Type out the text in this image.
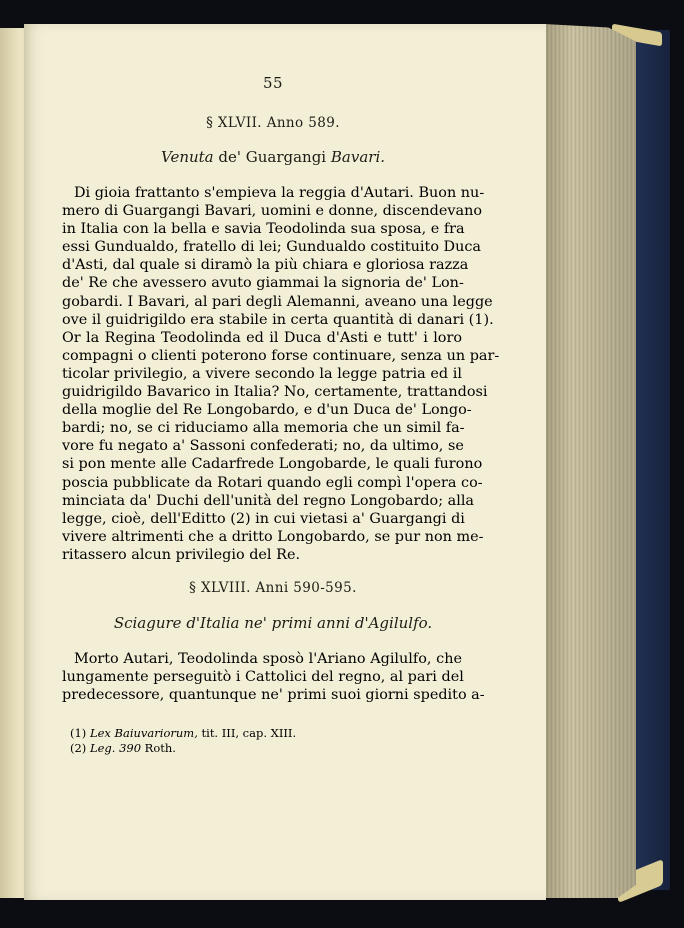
55
§ XLVII. Anno 589.
Venuta de' Guargangi Bavari.
Di gioia frattanto s'empieva la reggia d'Autari. Buon nu-
mero di Guargangi Bavari, uomini e donne, discendevano
in Italia con la bella e savia Teodolinda sua sposa, e fra
essi Gundualdo, fratello di lei; Gundualdo costituito Duca
d'Asti, dal quale si diramò la più chiara e gloriosa razza
de' Re che avessero avuto giammai la signoria de' Lon-
gobardi. I Bavari, al pari degli Alemanni, aveano una legge
ove il guidrigildo era stabile in certa quantità di danari (1).
Or la Regina Teodolinda ed il Duca d'Asti e tutt' i loro
compagni o clienti poterono forse continuare, senza un par-
ticolar privilegio, a vivere secondo la legge patria ed il
guidrigildo Bavarico in Italia? No, certamente, trattandosi
della moglie del Re Longobardo, e d'un Duca de' Longo-
bardi; no, se ci riduciamo alla memoria che un simil fa-
vore fu negato a' Sassoni confederati; no, da ultimo, se
si pon mente alle Cadarfrede Longobarde, le quali furono
poscia pubblicate da Rotari quando egli compì l'opera co-
minciata da' Duchi dell'unità del regno Longobardo; alla
legge, cioè, dell'Editto (2) in cui vietasi a' Guargangi di
vivere altrimenti che a dritto Longobardo, se pur non me-
ritassero alcun privilegio del Re.
§ XLVIII. Anni 590-595.
Sciagure d'Italia ne' primi anni d'Agilulfo.
Morto Autari, Teodolinda sposò l'Ariano Agilulfo, che
lungamente perseguitò i Cattolici del regno, al pari del
predecessore, quantunque ne' primi suoi giorni spedito a-
(1) Lex Baiuvariorum, tit. III, cap. XIII.
(2) Leg. 390 Roth.
